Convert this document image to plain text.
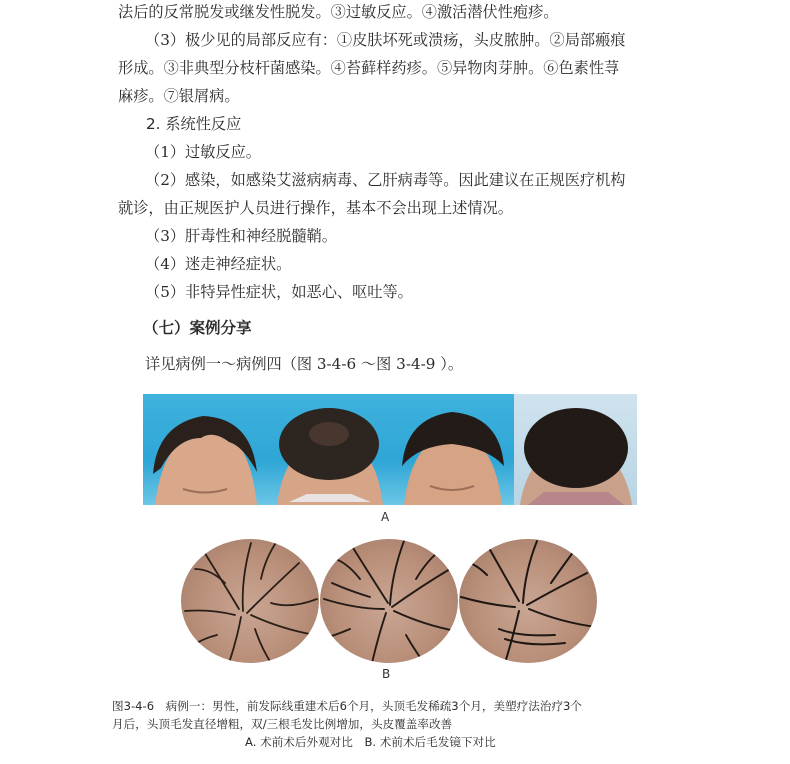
法后的反常脱发或继发性脱发。③过敏反应。④激活潜伏性疱疹。

（3）极少见的局部反应有：①皮肤坏死或溃疡，头皮脓肿。②局部瘢痕

形成。③非典型分枝杆菌感染。④苔藓样药疹。⑤异物肉芽肿。⑥色素性荨

麻疹。⑦银屑病。

2. 系统性反应

（1）过敏反应。

（2）感染，如感染艾滋病病毒、乙肝病毒等。因此建议在正规医疗机构

就诊，由正规医护人员进行操作，基本不会出现上述情况。

（3）肝毒性和神经脱髓鞘。

（4）迷走神经症状。

（5）非特异性症状，如恶心、呕吐等。

（七）案例分享

详见病例一～病例四（图 3-4-6 ～图 3-4-9 ）。

A
B
图3-4-6　病例一：男性，前发际线重建术后6个月，头顶毛发稀疏3个月，美塑疗法治疗3个
月后，头顶毛发直径增粗，双/三根毛发比例增加，头皮覆盖率改善
A. 术前术后外观对比　B. 术前术后毛发镜下对比
